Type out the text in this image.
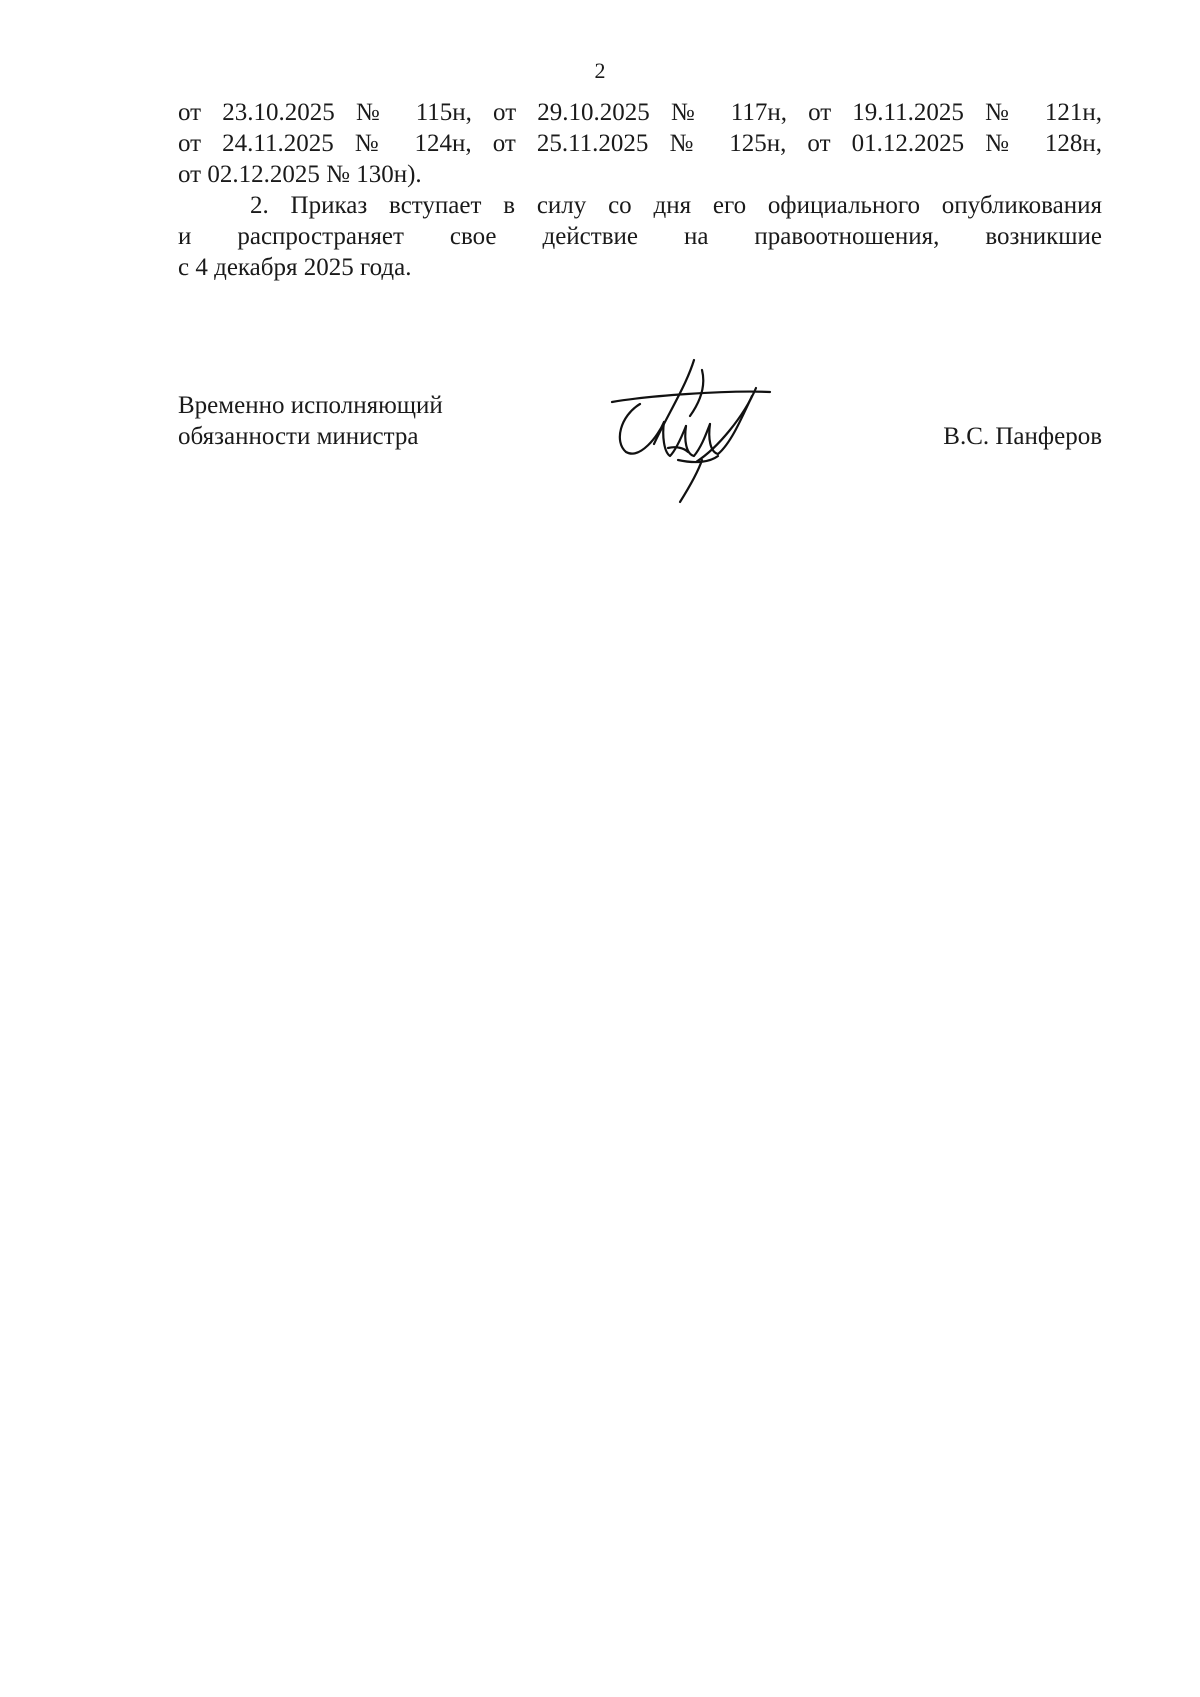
2

от 23.10.2025 № 115н, от 29.10.2025 № 117н, от 19.11.2025 № 121н,
от 24.11.2025 № 124н, от 25.11.2025 № 125н, от 01.12.2025 № 128н,
от 02.12.2025 № 130н).

2. Приказ вступает в силу со дня его официального опубликования
и распространяет свое действие на правоотношения, возникшие
с 4 декабря 2025 года.

Временно исполняющий
обязанности министра	В.С. Панферов
